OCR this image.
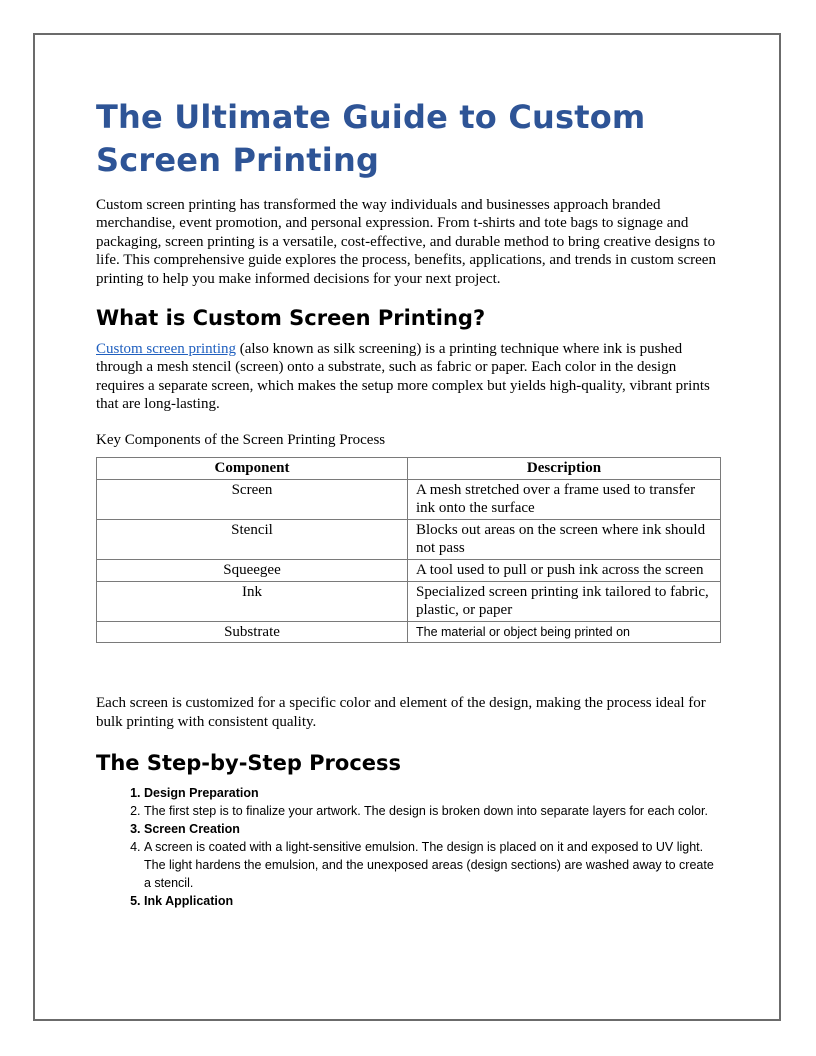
The Ultimate Guide to Custom Screen Printing

Custom screen printing has transformed the way individuals and businesses approach branded merchandise, event promotion, and personal expression. From t-shirts and tote bags to signage and packaging, screen printing is a versatile, cost-effective, and durable method to bring creative designs to life. This comprehensive guide explores the process, benefits, applications, and trends in custom screen printing to help you make informed decisions for your next project.

What is Custom Screen Printing?

Custom screen printing (also known as silk screening) is a printing technique where ink is pushed through a mesh stencil (screen) onto a substrate, such as fabric or paper. Each color in the design requires a separate screen, which makes the setup more complex but yields high-quality, vibrant prints that are long-lasting.

Key Components of the Screen Printing Process

Component	Description
Screen	A mesh stretched over a frame used to transfer ink onto the surface
Stencil	Blocks out areas on the screen where ink should not pass
Squeegee	A tool used to pull or push ink across the screen
Ink	Specialized screen printing ink tailored to fabric, plastic, or paper
Substrate	The material or object being printed on

Each screen is customized for a specific color and element of the design, making the process ideal for bulk printing with consistent quality.

The Step-by-Step Process
1. Design Preparation
2. The first step is to finalize your artwork. The design is broken down into separate layers for each color.
3. Screen Creation
4. A screen is coated with a light-sensitive emulsion. The design is placed on it and exposed to UV light. The light hardens the emulsion, and the unexposed areas (design sections) are washed away to create a stencil.
5. Ink Application
